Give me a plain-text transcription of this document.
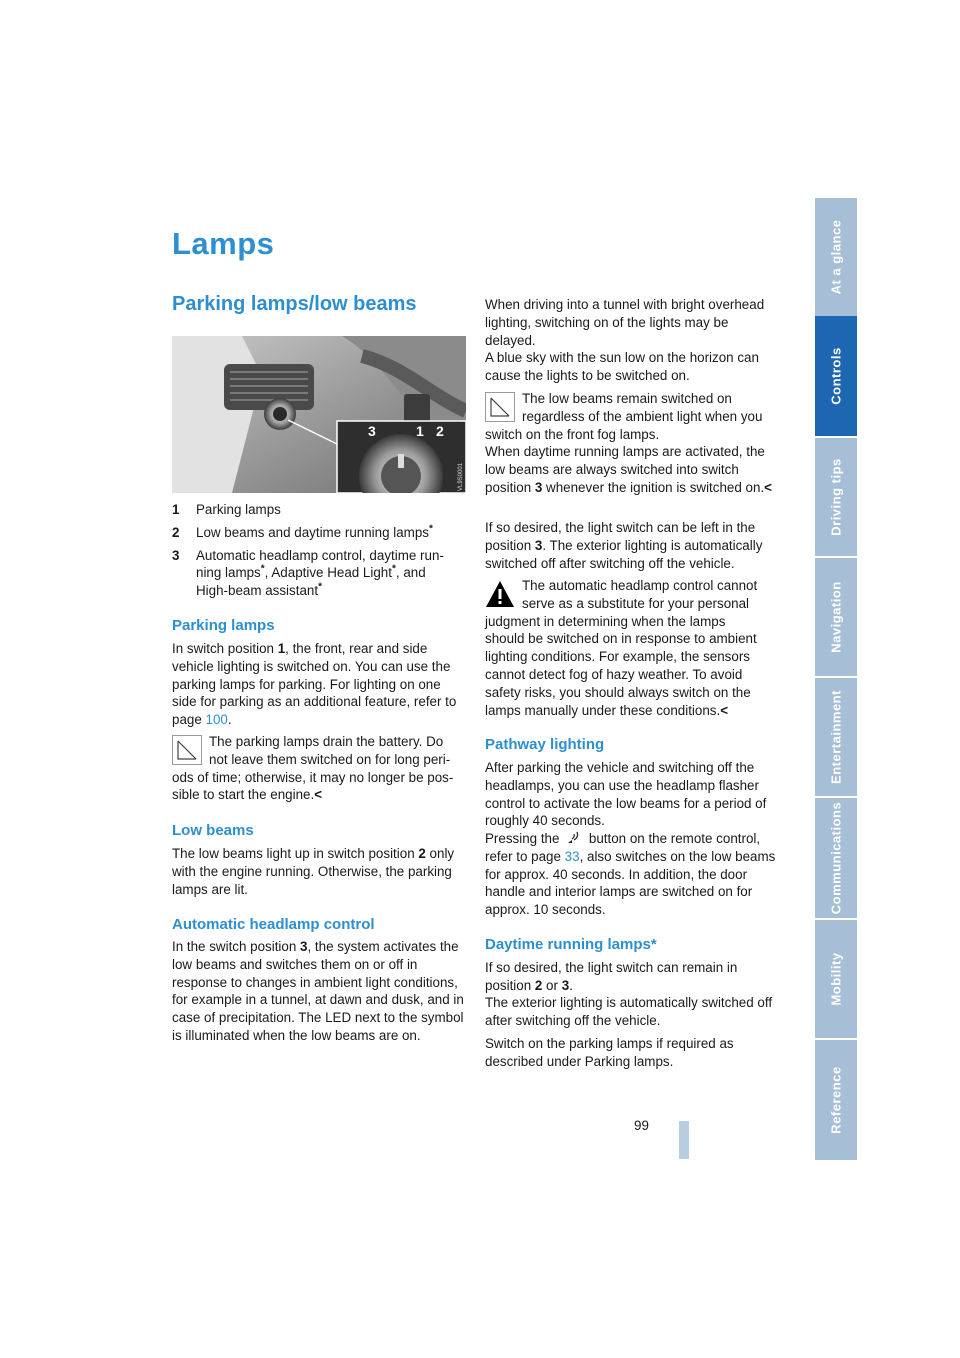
Lamps
Parking lamps/low beams
3	1 2
VL9S0001
1 Parking lamps
2 Low beams and daytime running lamps*
3 Automatic headlamp control, daytime run-
ning lamps*, Adaptive Head Light*, and
High-beam assistant*
Parking lamps

In switch position 1, the front, rear and side vehicle lighting is switched on. You can use the parking lamps for parking. For lighting on one side for parking as an additional feature, refer to page 100.

The parking lamps drain the battery. Do
not leave them switched on for long peri-
ods of time; otherwise, it may no longer be pos-
sible to start the engine.<
Low beams

The low beams light up in switch position 2 only with the engine running. Otherwise, the parking lamps are lit.

Automatic headlamp control

In the switch position 3, the system activates the low beams and switches them on or off in response to changes in ambient light conditions, for example in a tunnel, at dawn and dusk, and in case of precipitation. The LED next to the symbol is illuminated when the low beams are on.

When driving into a tunnel with bright overhead lighting, switching on of the lights may be delayed.

A blue sky with the sun low on the horizon can cause the lights to be switched on.

The low beams remain switched on
regardless of the ambient light when you
switch on the front fog lamps.

When daytime running lamps are activated, the low beams are always switched into switch position 3 whenever the ignition is switched on.<

If so desired, the light switch can be left in the position 3. The exterior lighting is automatically switched off after switching off the vehicle.

The automatic headlamp control cannot
serve as a substitute for your personal
judgment in determining when the lamps
should be switched on in response to ambient
lighting conditions. For example, the sensors
cannot detect fog of hazy weather. To avoid
safety risks, you should always switch on the
lamps manually under these conditions.<
Pathway lighting

After parking the vehicle and switching off the headlamps, you can use the headlamp flasher control to activate the low beams for a period of roughly 40 seconds.

Pressing the  button on the remote control, refer to page 33, also switches on the low beams for approx. 40 seconds. In addition, the door handle and interior lamps are switched on for approx. 10 seconds.

Daytime running lamps*

If so desired, the light switch can remain in position 2 or 3.

The exterior lighting is automatically switched off after switching off the vehicle.

Switch on the parking lamps if required as described under Parking lamps.

99
At a glance
Controls
Driving tips
Navigation
Entertainment
Communications
Mobility
Reference
